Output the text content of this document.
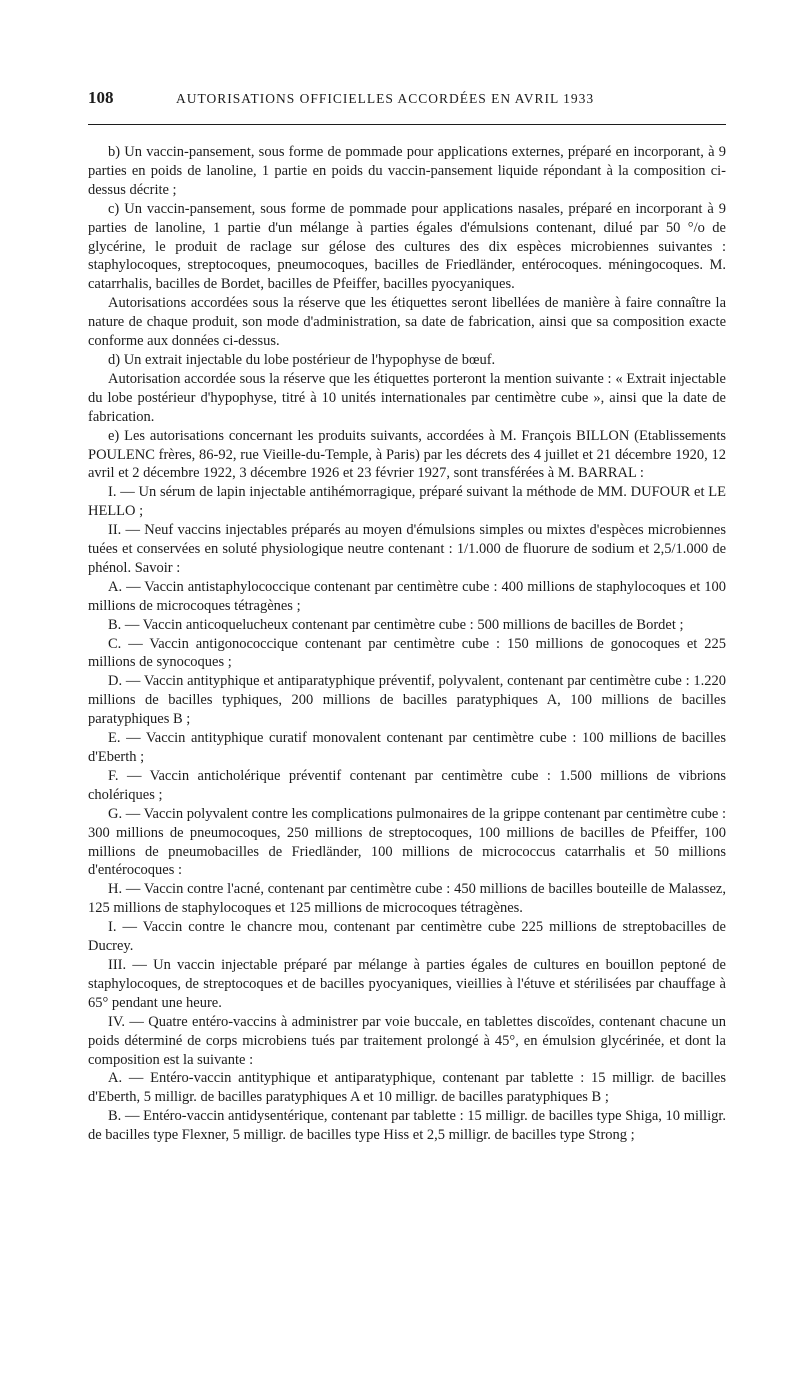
108	AUTORISATIONS OFFICIELLES ACCORDÉES EN AVRIL 1933

b) Un vaccin-pansement, sous forme de pommade pour applications externes, préparé en incorporant, à 9 parties en poids de lanoline, 1 partie en poids du vaccin-pansement liquide répondant à la composition ci-dessus décrite ;

c) Un vaccin-pansement, sous forme de pommade pour applications nasales, préparé en incorporant à 9 parties de lanoline, 1 partie d'un mélange à parties égales d'émulsions contenant, dilué par 50 °/o de glycérine, le produit de raclage sur gélose des cultures des dix espèces microbiennes suivantes : staphylocoques, streptocoques, pneumocoques, bacilles de Friedländer, entérocoques. méningocoques. M. catarrhalis, bacilles de Bordet, bacilles de Pfeiffer, bacilles pyocyaniques.

Autorisations accordées sous la réserve que les étiquettes seront libellées de manière à faire connaître la nature de chaque produit, son mode d'administration, sa date de fabrication, ainsi que sa composition exacte conforme aux données ci-dessus.

d) Un extrait injectable du lobe postérieur de l'hypophyse de bœuf.

Autorisation accordée sous la réserve que les étiquettes porteront la mention suivante : « Extrait injectable du lobe postérieur d'hypophyse, titré à 10 unités internationales par centimètre cube », ainsi que la date de fabrication.

e) Les autorisations concernant les produits suivants, accordées à M. François BILLON (Etablissements POULENC frères, 86-92, rue Vieille-du-Temple, à Paris) par les décrets des 4 juillet et 21 décembre 1920, 12 avril et 2 décembre 1922, 3 décembre 1926 et 23 février 1927, sont transférées à M. BARRAL :

I. — Un sérum de lapin injectable antihémorragique, préparé suivant la méthode de MM. DUFOUR et LE HELLO ;

II. — Neuf vaccins injectables préparés au moyen d'émulsions simples ou mixtes d'espèces microbiennes tuées et conservées en soluté physiologique neutre contenant : 1/1.000 de fluorure de sodium et 2,5/1.000 de phénol. Savoir :

A. — Vaccin antistaphylococcique contenant par centimètre cube : 400 millions de staphylocoques et 100 millions de microcoques tétragènes ;

B. — Vaccin anticoquelucheux contenant par centimètre cube : 500 millions de bacilles de Bordet ;

C. — Vaccin antigonococcique contenant par centimètre cube : 150 millions de gonocoques et 225 millions de synocoques ;

D. — Vaccin antityphique et antiparatyphique préventif, polyvalent, contenant par centimètre cube : 1.220 millions de bacilles typhiques, 200 millions de bacilles paratyphiques A, 100 millions de bacilles paratyphiques B ;

E. — Vaccin antityphique curatif monovalent contenant par centimètre cube : 100 millions de bacilles d'Eberth ;

F. — Vaccin anticholérique préventif contenant par centimètre cube : 1.500 millions de vibrions cholériques ;

G. — Vaccin polyvalent contre les complications pulmonaires de la grippe contenant par centimètre cube : 300 millions de pneumocoques, 250 millions de streptocoques, 100 millions de bacilles de Pfeiffer, 100 millions de pneumobacilles de Friedländer, 100 millions de micrococcus catarrhalis et 50 millions d'entérocoques :

H. — Vaccin contre l'acné, contenant par centimètre cube : 450 millions de bacilles bouteille de Malassez, 125 millions de staphylocoques et 125 millions de microcoques tétragènes.

I. — Vaccin contre le chancre mou, contenant par centimètre cube 225 millions de streptobacilles de Ducrey.

III. — Un vaccin injectable préparé par mélange à parties égales de cultures en bouillon peptoné de staphylocoques, de streptocoques et de bacilles pyocyaniques, vieillies à l'étuve et stérilisées par chauffage à 65° pendant une heure.

IV. — Quatre entéro-vaccins à administrer par voie buccale, en tablettes discoïdes, contenant chacune un poids déterminé de corps microbiens tués par traitement prolongé à 45°, en émulsion glycérinée, et dont la composition est la suivante :

A. — Entéro-vaccin antityphique et antiparatyphique, contenant par tablette : 15 milligr. de bacilles d'Eberth, 5 milligr. de bacilles paratyphiques A et 10 milligr. de bacilles paratyphiques B ;

B. — Entéro-vaccin antidysentérique, contenant par tablette : 15 milligr. de bacilles type Shiga, 10 milligr. de bacilles type Flexner, 5 milligr. de bacilles type Hiss et 2,5 milligr. de bacilles type Strong ;
